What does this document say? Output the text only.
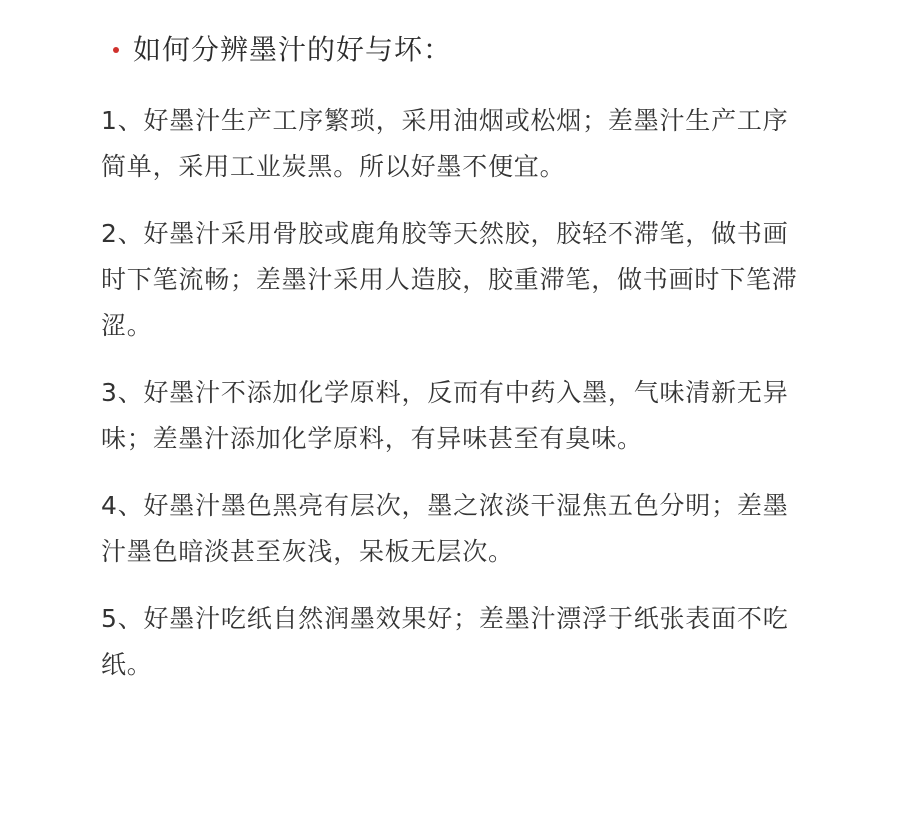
如何分辨墨汁的好与坏：

1、好墨汁生产工序繁琐，采用油烟或松烟；差墨汁生产工序简单，采用工业炭黑。所以好墨不便宜。

2、好墨汁采用骨胶或鹿角胶等天然胶，胶轻不滞笔，做书画时下笔流畅；差墨汁采用人造胶，胶重滞笔，做书画时下笔滞涩。

3、好墨汁不添加化学原料，反而有中药入墨，气味清新无异味；差墨汁添加化学原料，有异味甚至有臭味。

4、好墨汁墨色黑亮有层次，墨之浓淡干湿焦五色分明；差墨汁墨色暗淡甚至灰浅，呆板无层次。

5、好墨汁吃纸自然润墨效果好；差墨汁漂浮于纸张表面不吃纸。
